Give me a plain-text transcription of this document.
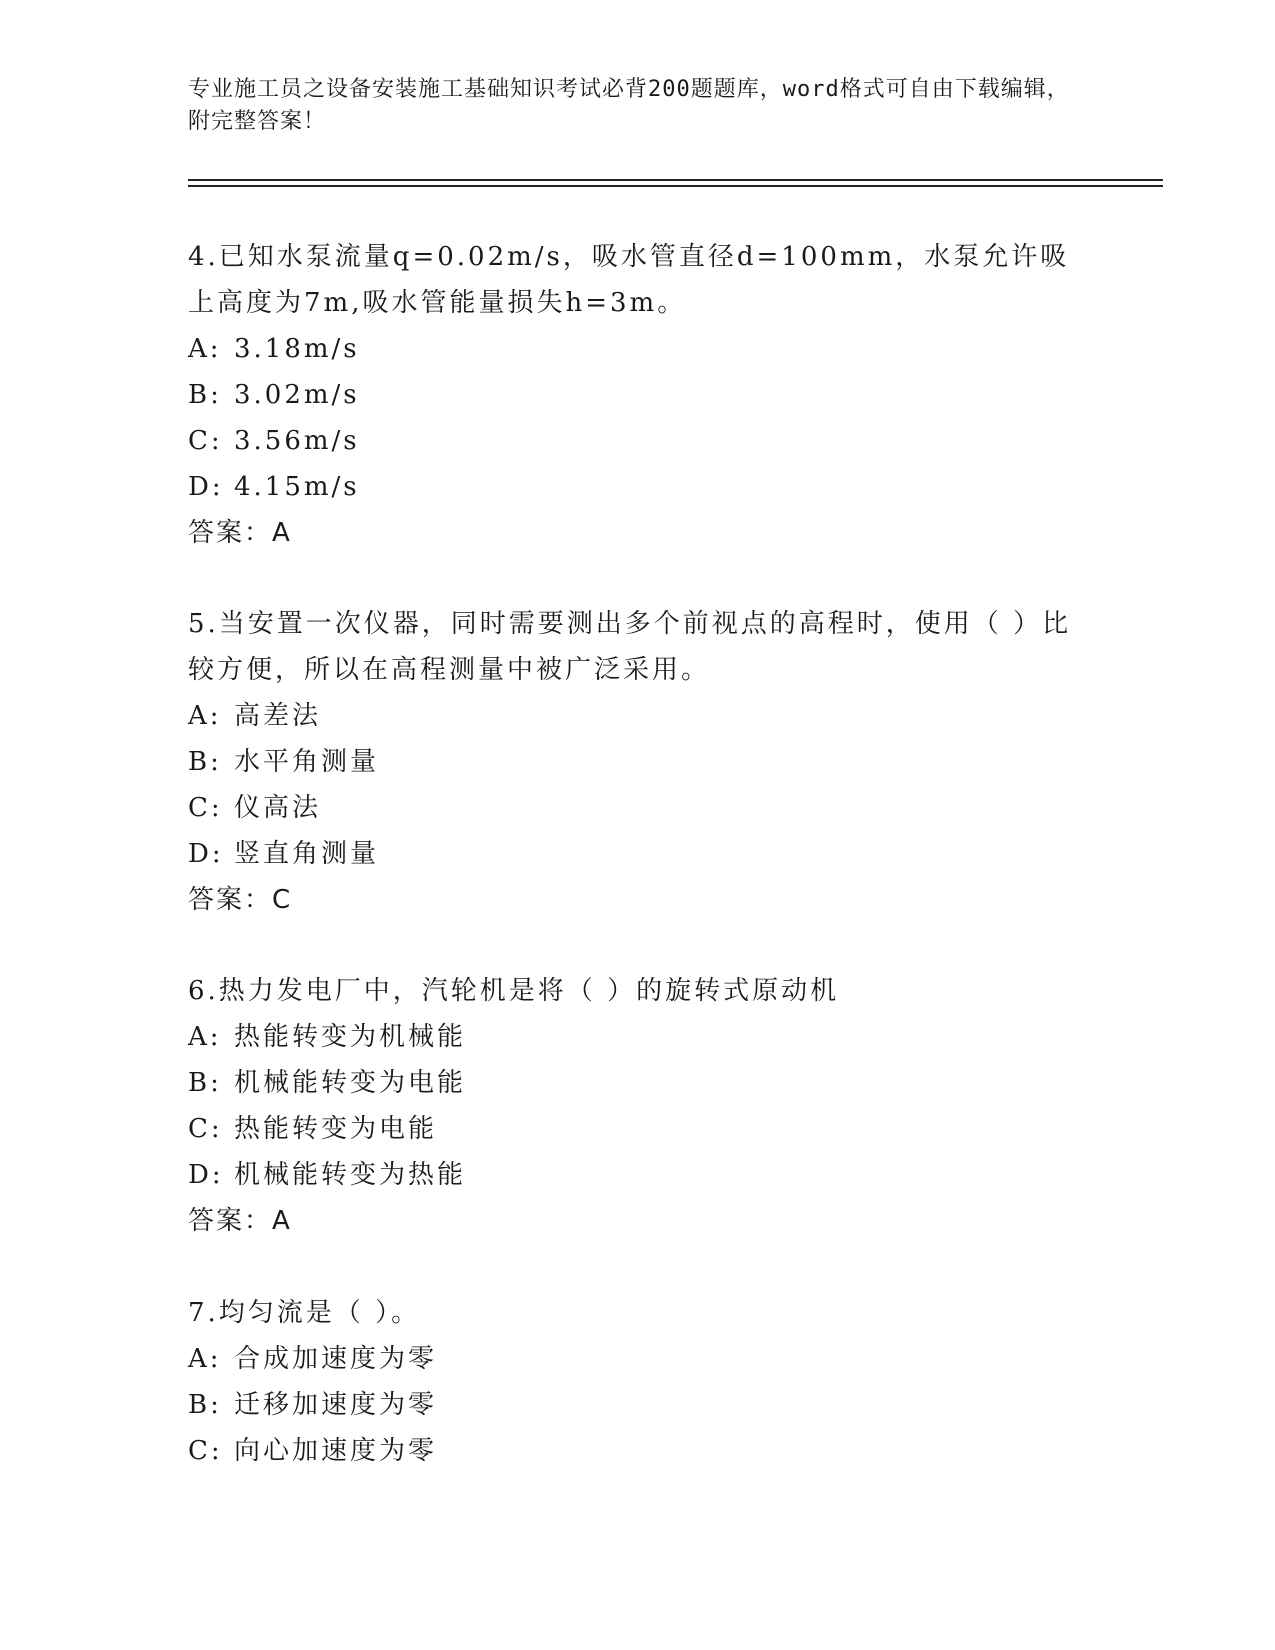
专业施工员之设备安装施工基础知识考试必背200题题库，word格式可自由下载编辑，附完整答案！

4.已知水泵流量q=0.02m/s，吸水管直径d=100mm，水泵允许吸上高度为7m,吸水管能量损失h=3m。

A: 3.18m/s

B: 3.02m/s

C: 3.56m/s

D: 4.15m/s

答案：A

5.当安置一次仪器，同时需要测出多个前视点的高程时，使用（ ）比较方便，所以在高程测量中被广泛采用。

A: 高差法

B: 水平角测量

C: 仪高法

D: 竖直角测量

答案：C

6.热力发电厂中，汽轮机是将（ ）的旋转式原动机

A: 热能转变为机械能

B: 机械能转变为电能

C: 热能转变为电能

D: 机械能转变为热能

答案：A

7.均匀流是（ ）。

A: 合成加速度为零

B: 迁移加速度为零

C: 向心加速度为零
